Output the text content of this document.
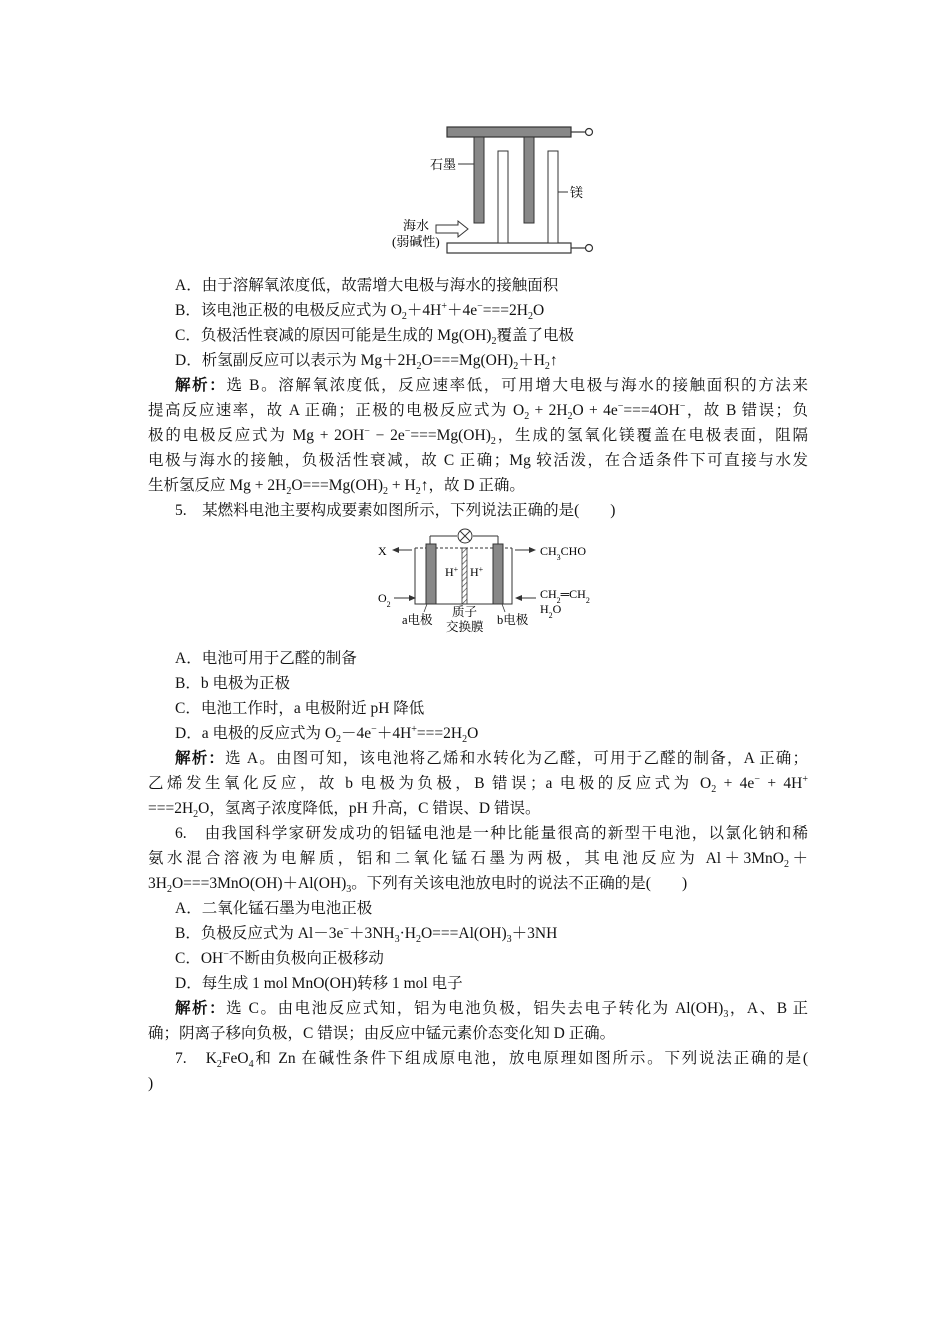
石墨
镁
海水
(弱碱性)
A．由于溶解氧浓度低，故需增大电极与海水的接触面积
B．该电池正极的电极反应式为 $O_2+4H^++4e^-===2H_2O$
C．负极活性衰减的原因可能是生成的 $Mg(OH)_2$覆盖了电极
D．析氢副反应可以表示为 $Mg+2H_2O===Mg(OH)_2+H_2↑$
解析：选 B。溶解氧浓度低，反应速率低，可用增大电极与海水的接触面积的方法来
提高反应速率，故 A 正确；正极的电极反应式为 $O_2 + 2H_2O + 4e^-===4OH^-$，故 B 错误；负
极的电极反应式为 $Mg + 2OH^- - 2e^-===Mg(OH)_2$，生成的氢氧化镁覆盖在电极表面，阻隔
电极与海水的接触，负极活性衰减，故 C 正确；Mg 较活泼，在合适条件下可直接与水发
生析氢反应 $Mg + 2H_2O===Mg(OH)_2$ + $H_2↑$，故 D 正确。
5.　某燃料电池主要构成要素如图所示，下列说法正确的是(　　)
H+ H+
X	$CH_3CHO$
$O_2$
$CH_2═CH_2$
$H_2O$
a电极
质子
交换膜 b电极
A．电池可用于乙醛的制备
B．b 电极为正极
C．电池工作时，a 电极附近 pH 降低
D．a 电极的反应式为 $O_2-4e^-+4H^+===2H_2O$
解析：选 A。由图可知，该电池将乙烯和水转化为乙醛，可用于乙醛的制备，A 正确；
乙烯发生氧化反应，故 b 电极为负极，B 错误；a 电极的反应式为 $O_2 + 4e^- + 4H^+$
$===2H_2O$，氢离子浓度降低，pH 升高，C 错误、D 错误。
6.　由我国科学家研发成功的铝锰电池是一种比能量很高的新型干电池，以氯化钠和稀
氨水混合溶液为电解质，铝和二氧化锰石墨为两极，其电池反应为 Al＋3MnO$_2$＋
$3H_2O===3MnO(OH)+Al(OH)_3$。下列有关该电池放电时的说法不正确的是(　　)
A．二氧化锰石墨为电池正极
B．负极反应式为 $Al-3e^-+3NH_3\cdot H_2O===Al(OH)_3+3NH$
C．OH−不断由负极向正极移动
D．每生成 1 mol MnO(OH)转移 1 mol 电子
解析：选 C。由电池反应式知，铝为电池负极，铝失去电子转化为 $Al(OH)_3$，A、B 正
确；阴离子移向负极，C 错误；由反应中锰元素价态变化知 D 正确。
7.　$K_2FeO_4$和 Zn 在碱性条件下组成原电池，放电原理如图所示。下列说法正确的是(
)
